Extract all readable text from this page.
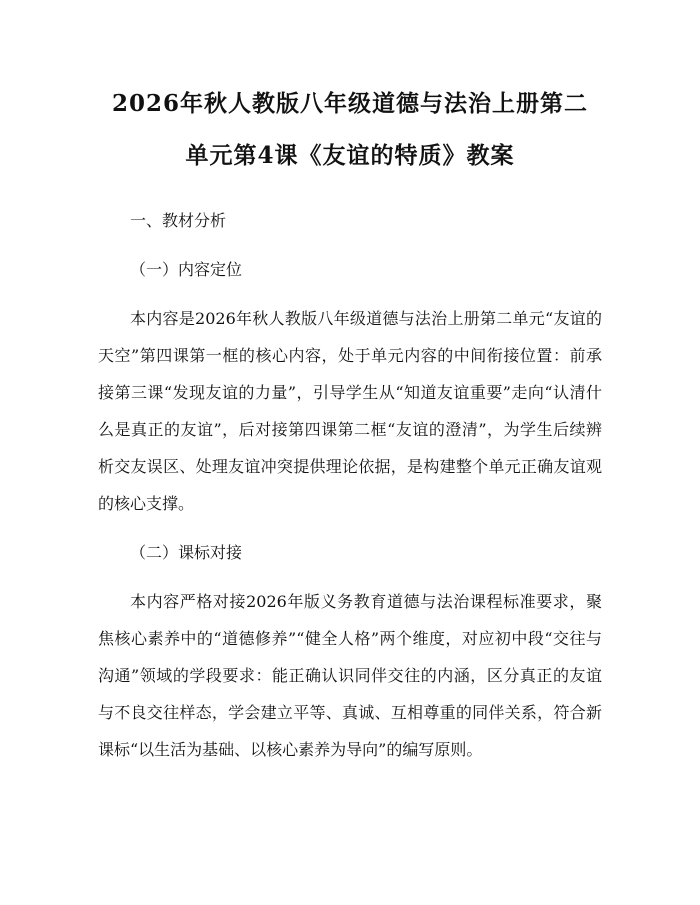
2026年秋人教版八年级道德与法治上册第二
单元第4课《友谊的特质》教案

一、教材分析

（一）内容定位

本内容是2026年秋人教版八年级道德与法治上册第二单元“友谊的天空”第四课第一框的核心内容，处于单元内容的中间衔接位置：前承接第三课“发现友谊的力量”，引导学生从“知道友谊重要”走向“认清什么是真正的友谊”，后对接第四课第二框“友谊的澄清”，为学生后续辨析交友误区、处理友谊冲突提供理论依据，是构建整个单元正确友谊观的核心支撑。

（二）课标对接

本内容严格对接2026年版义务教育道德与法治课程标准要求，聚焦核心素养中的“道德修养”“健全人格”两个维度，对应初中段“交往与沟通”领域的学段要求：能正确认识同伴交往的内涵，区分真正的友谊与不良交往样态，学会建立平等、真诚、互相尊重的同伴关系，符合新课标“以生活为基础、以核心素养为导向”的编写原则。
